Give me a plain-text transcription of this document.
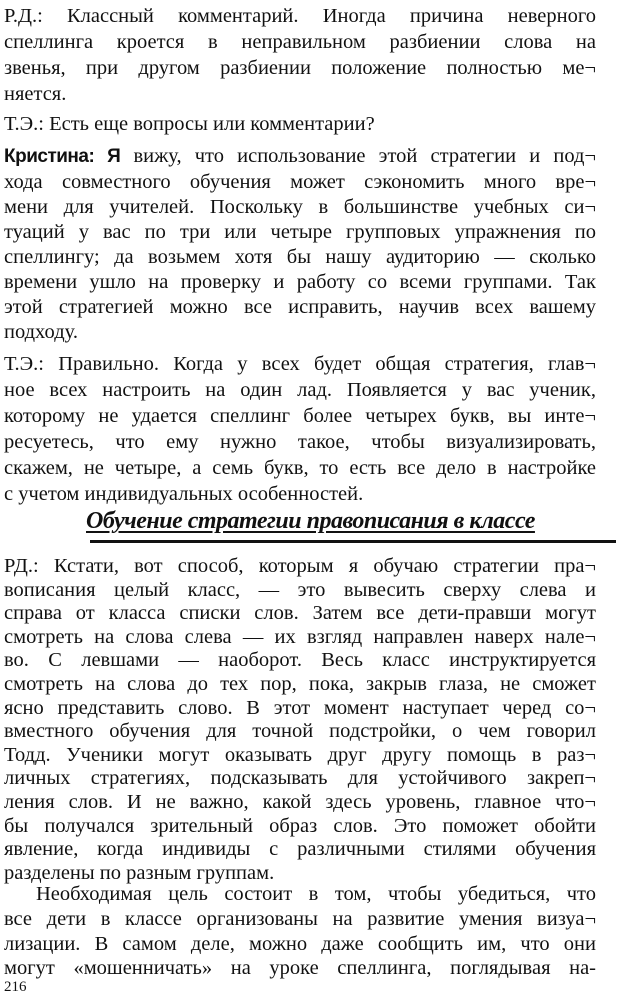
Р.Д.: Классный комментарий. Иногда причина неверного
спеллинга кроется в неправильном разбиении слова на
звенья, при другом разбиении положение полностью ме¬
няется.
Т.Э.: Есть еще вопросы или комментарии?
Кристина: Я вижу, что использование этой стратегии и под¬
хода совместного обучения может сэкономить много вре¬
мени для учителей. Поскольку в большинстве учебных си¬
туаций у вас по три или четыре групповых упражнения по
спеллингу; да возьмем хотя бы нашу аудиторию — сколько
времени ушло на проверку и работу со всеми группами. Так
этой стратегией можно все исправить, научив всех вашему
подходу.
Т.Э.: Правильно. Когда у всех будет общая стратегия, глав¬
ное всех настроить на один лад. Появляется у вас ученик,
которому не удается спеллинг более четырех букв, вы инте¬
ресуетесь, что ему нужно такое, чтобы визуализировать,
скажем, не четыре, а семь букв, то есть все дело в настройке
с учетом индивидуальных особенностей.
Обучение стратегии правописания в классе
РД.: Кстати, вот способ, которым я обучаю стратегии пра¬
вописания целый класс, — это вывесить сверху слева и
справа от класса списки слов. Затем все дети-правши могут
смотреть на слова слева — их взгляд направлен наверх нале¬
во. С левшами — наоборот. Весь класс инструктируется
смотреть на слова до тех пор, пока, закрыв глаза, не сможет
ясно представить слово. В этот момент наступает черед со¬
вместного обучения для точной подстройки, о чем говорил
Тодд. Ученики могут оказывать друг другу помощь в раз¬
личных стратегиях, подсказывать для устойчивого закреп¬
ления слов. И не важно, какой здесь уровень, главное что¬
бы получался зрительный образ слов. Это поможет обойти
явление, когда индивиды с различными стилями обучения
разделены по разным группам.
Необходимая цель состоит в том, чтобы убедиться, что
все дети в классе организованы на развитие умения визуа¬
лизации. В самом деле, можно даже сообщить им, что они
216
могут «мошенничать» на уроке спеллинга, поглядывая на-
